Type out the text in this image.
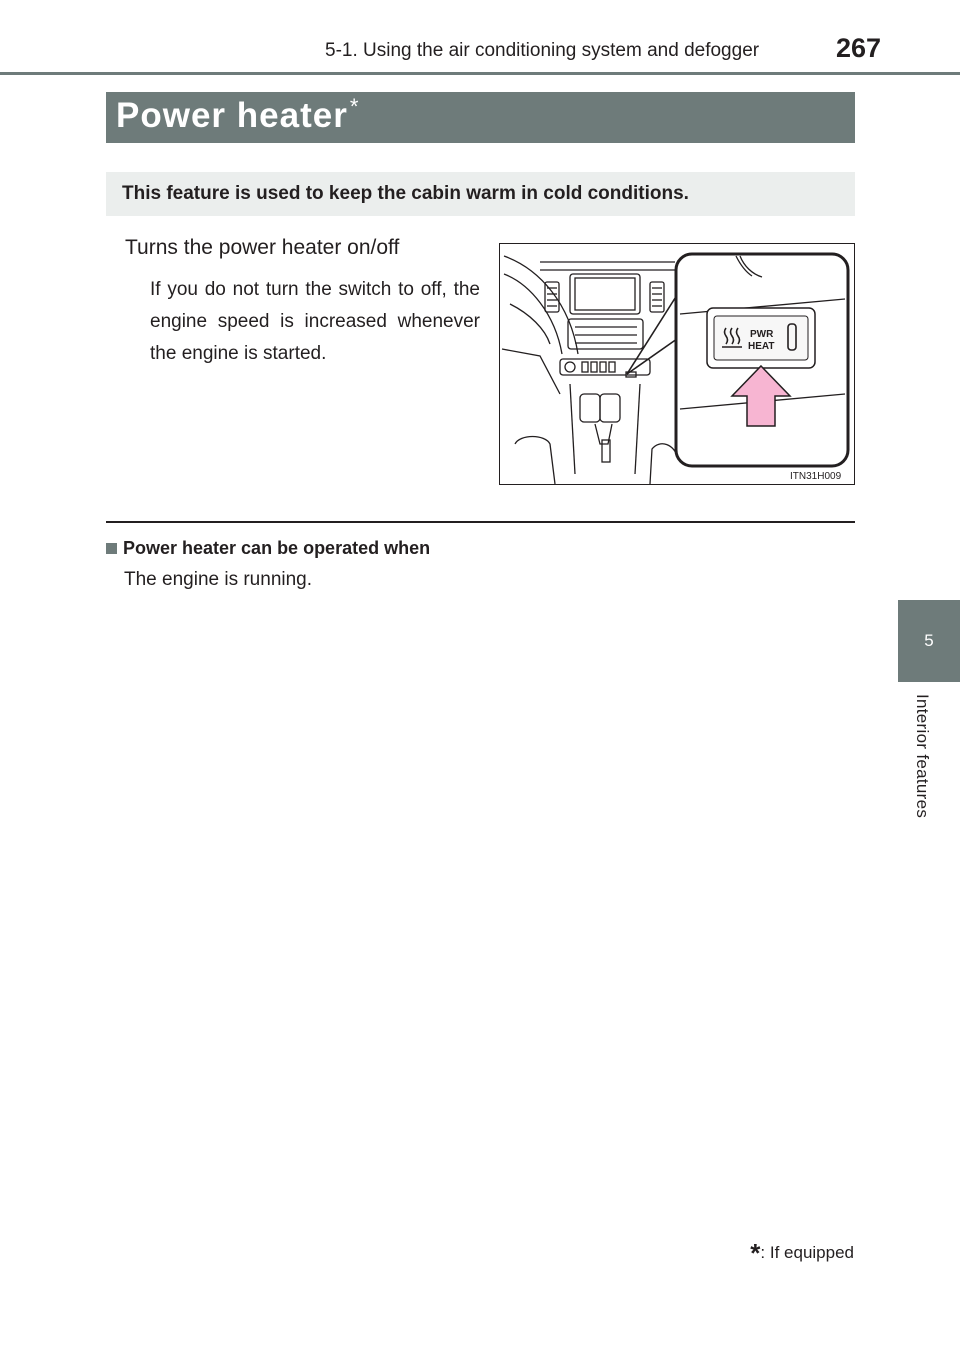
5-1. Using the air conditioning system and defogger	267
5
Interior features
Power heater*
This feature is used to keep the cabin warm in cold conditions.
Turns the power heater on/off
If you do not turn the switch to off, the engine speed is increased whenever the engine is started.
PWR
HEAT
ITN31H009
Power heater can be operated when
The engine is running.
*: If equipped
